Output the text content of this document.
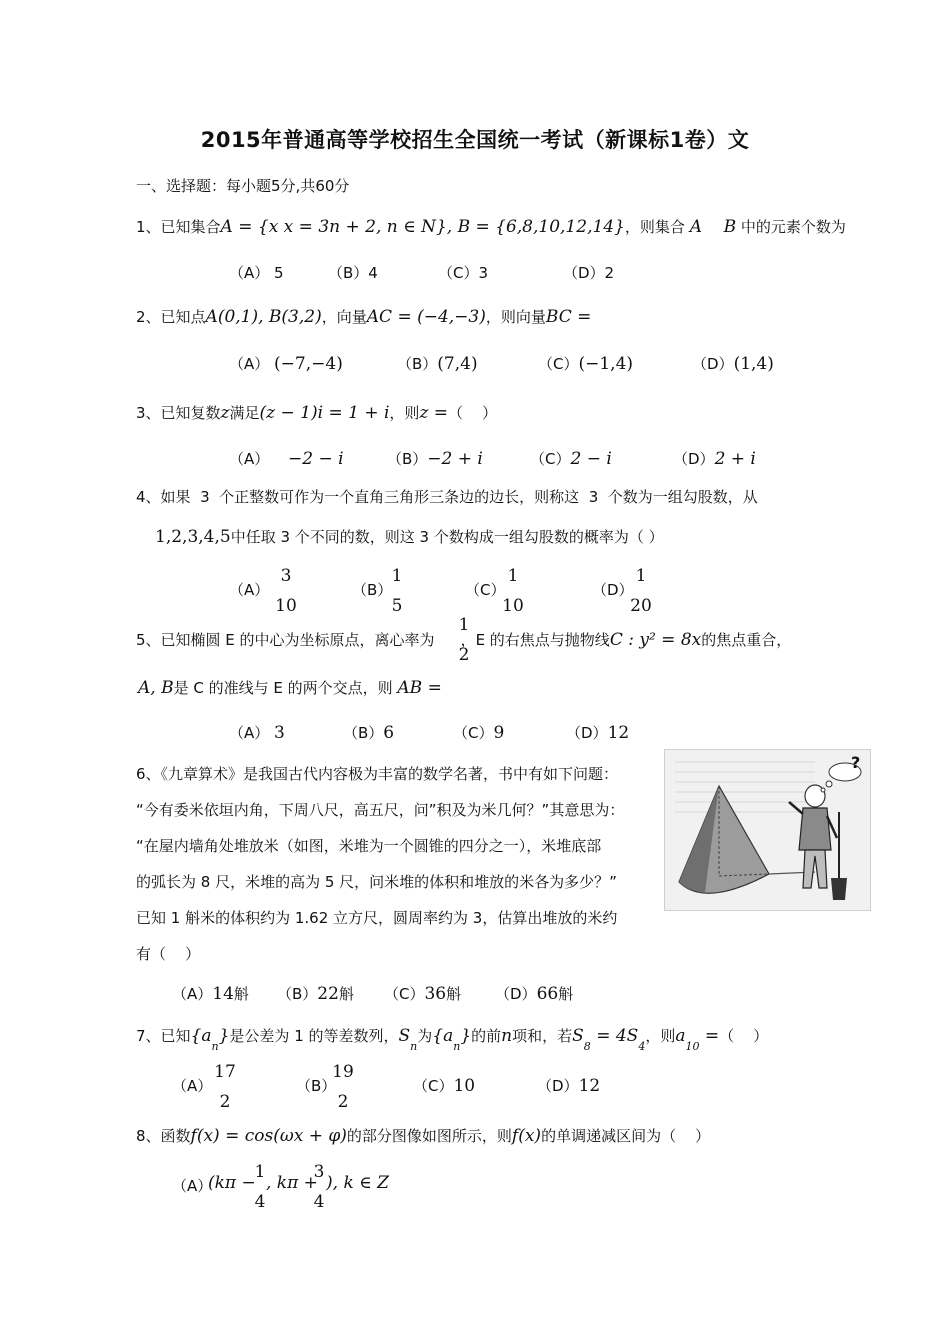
2015年普通高等学校招生全国统一考试（新课标1卷）文
一、选择题：每小题5分,共60分
1、已知集合A = {x x = 3n + 2, n ∈ N}, B = {6,8,10,12,14}，则集合 A    B 中的元素个数为
（A） 5	（B）4	（C）3	（D）2
2、已知点A(0,1), B(3,2)，向量AC = (−4,−3)，则向量BC =
（A） (−7,−4)	（B）(7,4)	（C）(−1,4)	（D）(1,4)
3、已知复数z满足(z − 1)i = 1 + i，则z =（    ）
（A） −2 − i	（B）−2 + i	（C）2 − i	（D）2 + i
4、如果  3  个正整数可作为一个直角三角形三条边的边长，则称这  3  个数为一组勾股数，从
1,2,3,4,5中任取 3 个不同的数，则这 3 个数构成一组勾股数的概率为（ ）
（A）
3
10
（B）
1
5
（C）
1
10
（D）
1
20
5、已知椭圆 E 的中心为坐标原点，离心率为 ，E 的右焦点与抛物线C : y² = 8x的焦点重合，
1
2
A, B是 C 的准线与 E 的两个交点，则 AB =
（A） 3	（B）6	（C）9	（D）12
6、《九章算术》是我国古代内容极为丰富的数学名著，书中有如下问题：
“今有委米依垣内角，下周八尺，高五尺，问”积及为米几何？”其意思为：
“在屋内墙角处堆放米（如图，米堆为一个圆锥的四分之一），米堆底部
的弧长为 8 尺，米堆的高为 5 尺，问米堆的体积和堆放的米各为多少？”
已知 1 斛米的体积约为 1.62 立方尺，圆周率约为 3，估算出堆放的米约
有（    ）
?
（A）14斛 （B）22斛 （C）36斛 （D）66斛
7、已知$\{a_n\}$是公差为 1 的等差数列，$S_n$为$\{a_n\}$的前n项和，若$S_8 = 4S_4$，则$a_{10}$ =（    ）
（A）
17
2
（B）
19
2
（C）10	（D）12
8、函数f(x) = cos(ωx + φ)的部分图像如图所示，则f(x)的单调递减区间为（    ）
（A）
(kπ −
1
4
, kπ +
3
4
), k ∈ Z
